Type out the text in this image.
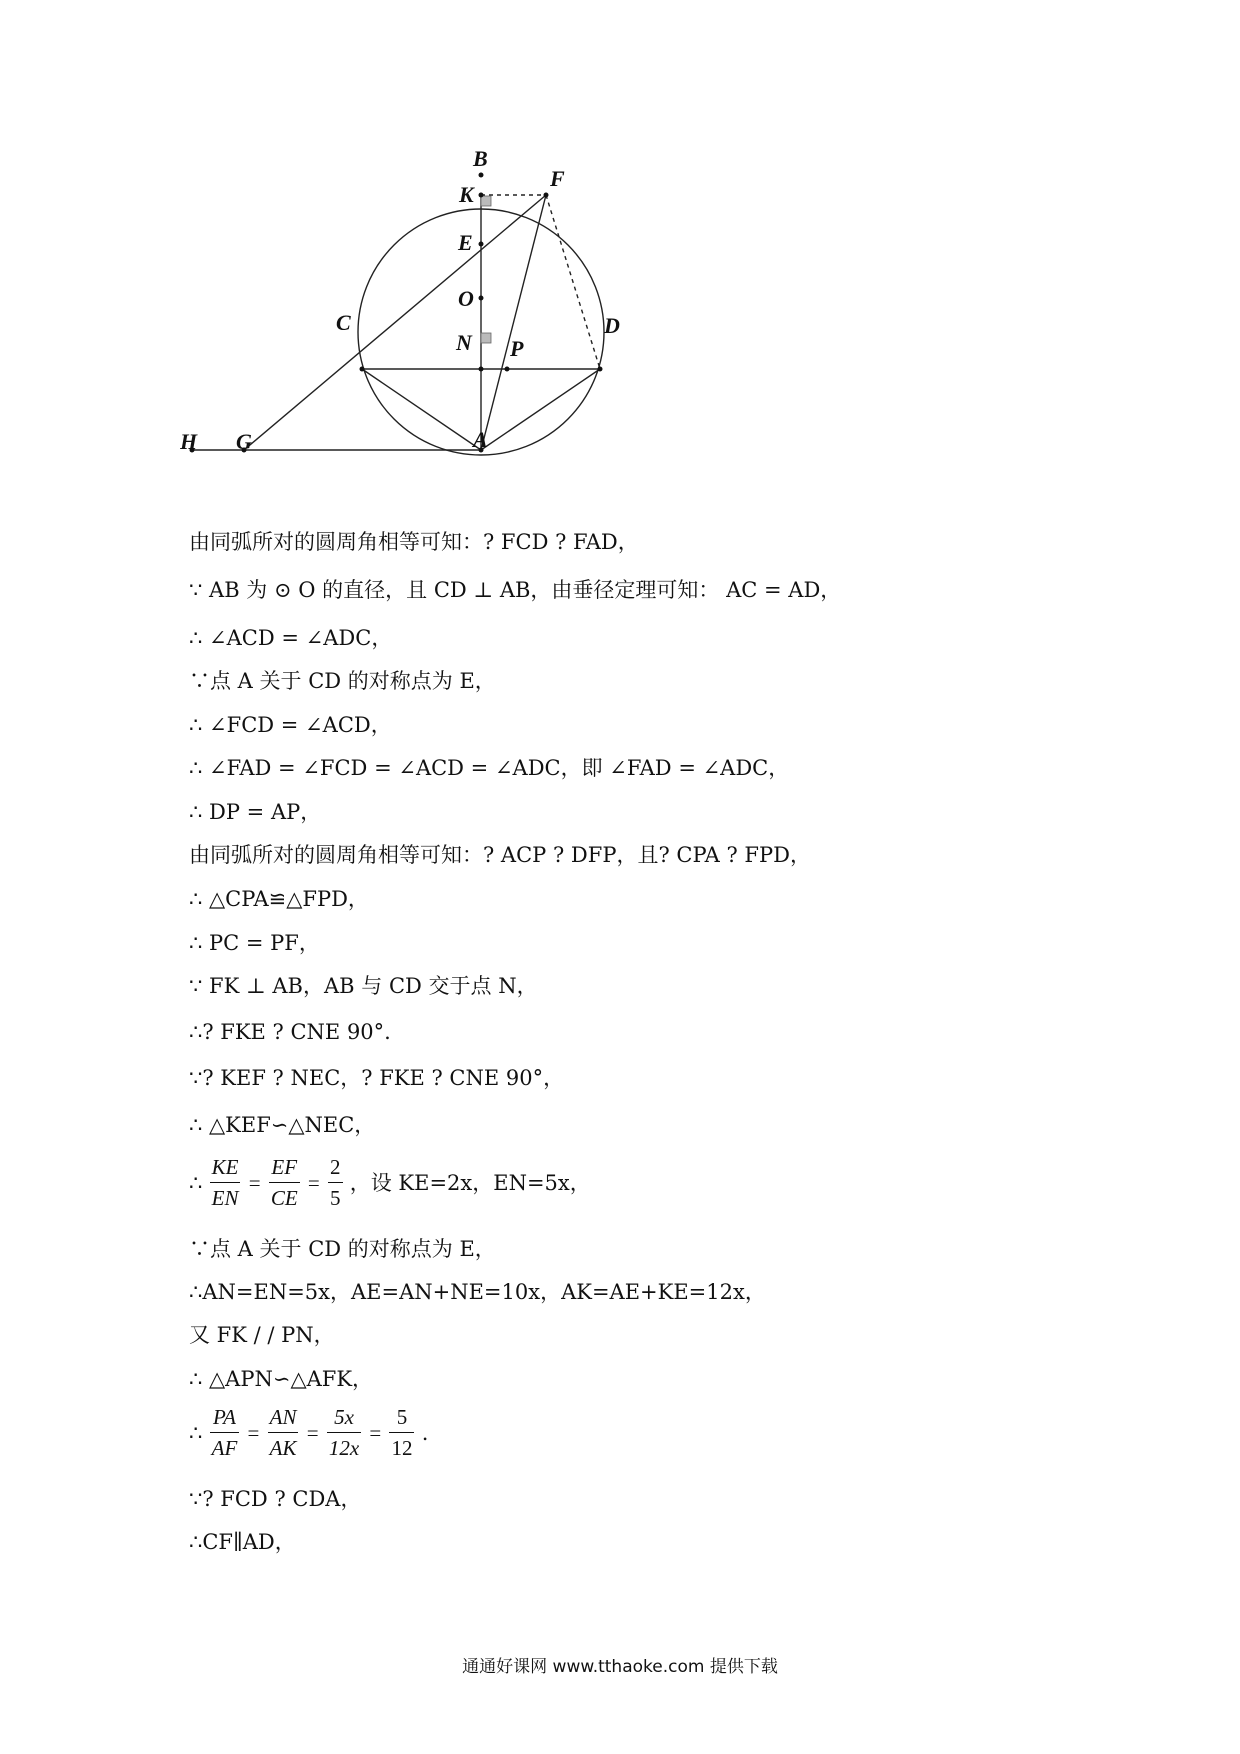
B
K
F
E
O
C	D
N P
H G	A
由同弧所对的圆周角相等可知：? FCD ? FAD，
∵ AB 为 ⊙ O 的直径，且 CD ⊥ AB，由垂径定理可知： AC = AD，
∴ ∠ACD = ∠ADC，
∵点 A 关于 CD 的对称点为 E，
∴ ∠FCD = ∠ACD，
∴ ∠FAD = ∠FCD = ∠ACD = ∠ADC，即 ∠FAD = ∠ADC，
∴ DP = AP，
由同弧所对的圆周角相等可知：? ACP ? DFP，且? CPA ? FPD，
∴ △CPA≌△FPD，
∴ PC = PF，
∵ FK ⊥ AB，AB 与 CD 交于点 N，
∴? FKE ? CNE 90°.
∵? KEF ? NEC，? FKE ? CNE 90°，
∴ △KEF∽△NEC，
∴ $\frac{KE}{EN} = \frac{EF}{CE} = \frac{2}{5}$ ，设 KE=2x，EN=5x，
∵点 A 关于 CD 的对称点为 E，
∴AN=EN=5x，AE=AN+NE=10x，AK=AE+KE=12x，
又 FK / / PN，
∴ △APN∽△AFK，
∴ $\frac{PA}{AF} = \frac{AN}{AK} = \frac{5x}{12x} = \frac{5}{12}$ .
∵? FCD ? CDA，
∴CF∥AD，
通通好课网 www.tthaoke.com 提供下载
